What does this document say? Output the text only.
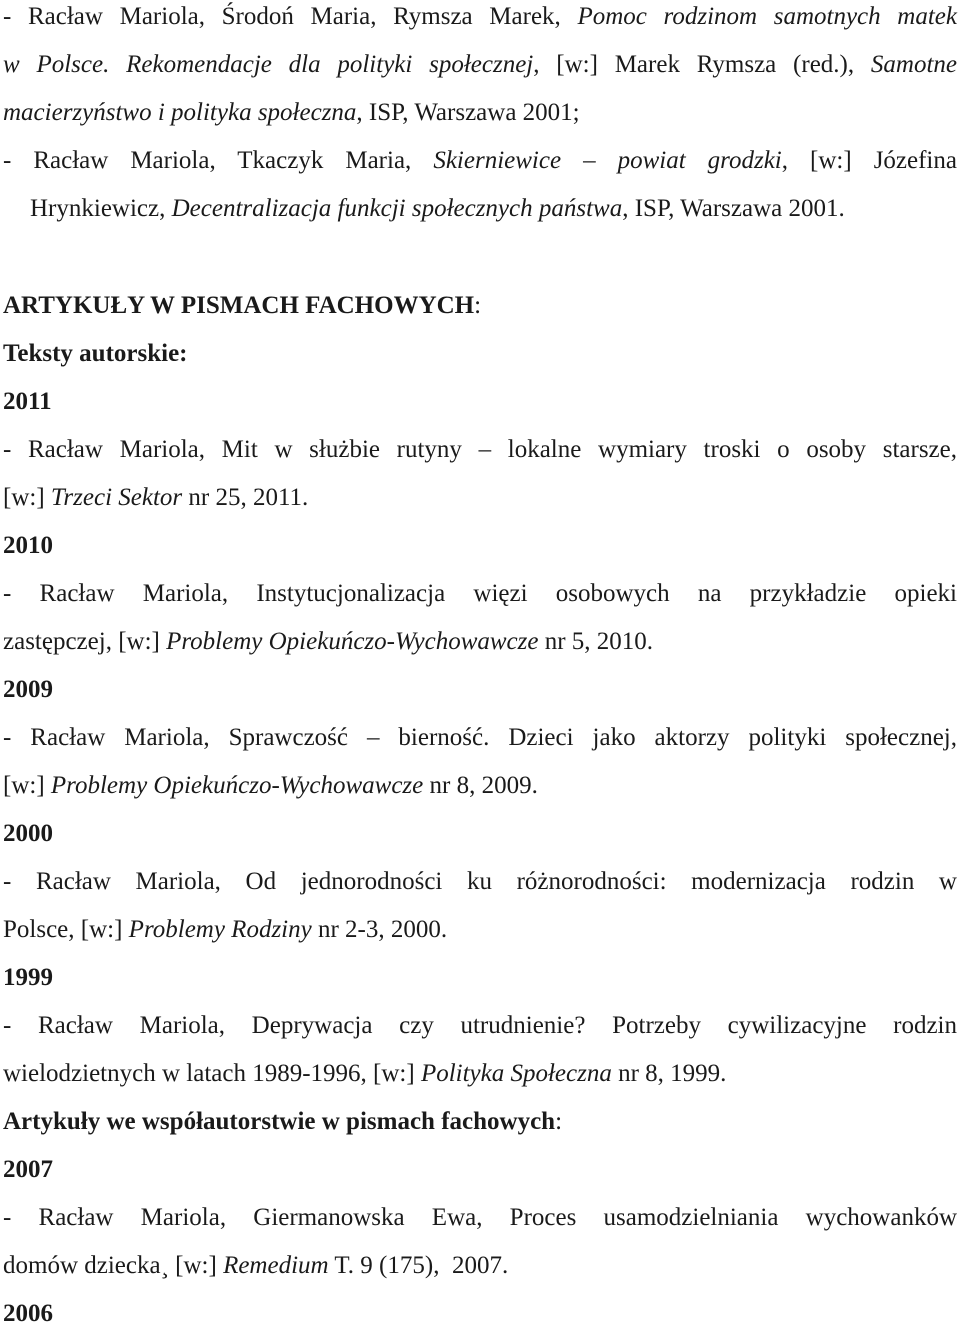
- Racław Mariola, Środoń Maria, Rymsza Marek, Pomoc rodzinom samotnych matek
w Polsce. Rekomendacje dla polityki społecznej, [w:] Marek Rymsza (red.), Samotne
macierzyństwo i polityka społeczna, ISP, Warszawa 2001;
- Racław Mariola, Tkaczyk Maria, Skierniewice – powiat grodzki, [w:] Józefina
Hrynkiewicz, Decentralizacja funkcji społecznych państwa, ISP, Warszawa 2001.
ARTYKUŁY W PISMACH FACHOWYCH:
Teksty autorskie:
2011
- Racław Mariola, Mit w służbie rutyny – lokalne wymiary troski o osoby starsze,
[w:] Trzeci Sektor nr 25, 2011.
2010
- Racław Mariola, Instytucjonalizacja więzi osobowych na przykładzie opieki
zastępczej, [w:] Problemy Opiekuńczo-Wychowawcze nr 5, 2010.
2009
- Racław Mariola, Sprawczość – bierność. Dzieci jako aktorzy polityki społecznej,
[w:] Problemy Opiekuńczo-Wychowawcze nr 8, 2009.
2000
- Racław Mariola, Od jednorodności ku różnorodności: modernizacja rodzin w
Polsce, [w:] Problemy Rodziny nr 2-3, 2000.
1999
- Racław Mariola, Deprywacja czy utrudnienie? Potrzeby cywilizacyjne rodzin
wielodzietnych w latach 1989-1996, [w:] Polityka Społeczna nr 8, 1999.
Artykuły we współautorstwie w pismach fachowych:
2007
- Racław Mariola, Giermanowska Ewa, Proces usamodzielniania wychowanków
domów dziecka¸ [w:] Remedium T. 9 (175),  2007.
2006
